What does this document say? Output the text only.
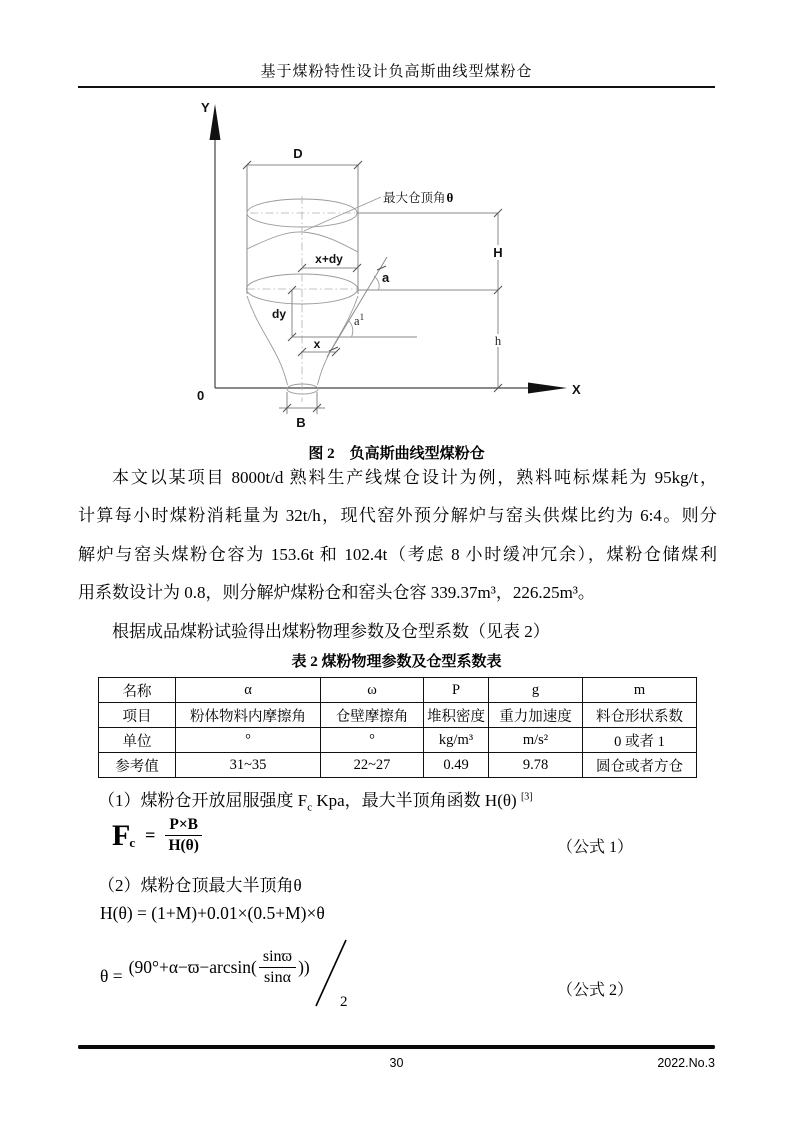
基于煤粉特性设计负高斯曲线型煤粉仓
Y
X
0
D
最大仓顶角θ
x+dy
dy
x
a
$a^1$
H
h
B
图 2　负高斯曲线型煤粉仓
本文以某项目 8000t/d 熟料生产线煤仓设计为例，熟料吨标煤耗为 95kg/t，
计算每小时煤粉消耗量为 32t/h，现代窑外预分解炉与窑头供煤比约为 6:4。则分
解炉与窑头煤粉仓容为 153.6t 和 102.4t（考虑 8 小时缓冲冗余），煤粉仓储煤利
用系数设计为 0.8，则分解炉煤粉仓和窑头仓容 339.37m³，226.25m³。
根据成品煤粉试验得出煤粉物理参数及仓型系数（见表 2）
表 2 煤粉物理参数及仓型系数表
名称	α	ω	P	g	m
项目	粉体物料内摩擦角	仓壁摩擦角	堆积密度	重力加速度	料仓形状系数
单位	°	°	kg/m³	m/s²	0 或者 1
参考值	31~35	22~27	0.49	9.78	圆仓或者方仓
（1）煤粉仓开放屈服强度 $F_c$ Kpa，最大半顶角函数 H(θ) [3]
F $c = \frac{P\times B}{H(\theta)}$	（公式 1）
（2）煤粉仓顶最大半顶角θ
H(θ) = (1+M)+0.01×(0.5+M)×θ
$\theta = (90^\circ+\alpha-ϖ-\arcsin( \frac{\sin ϖ}{\sin\alpha}$ ))
2
（公式 2）
30	2022.No.3
